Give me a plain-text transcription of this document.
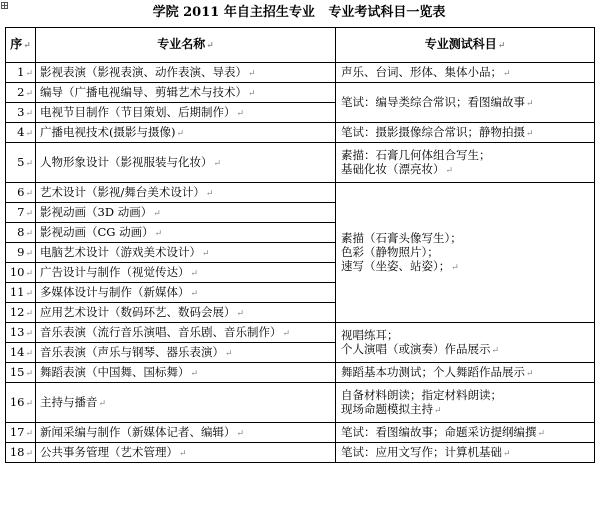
学院 2011 年自主招生专业   专业考试科目一览表
序↵	专业名称↵	专业测试科目↵
1↵	影视表演（影视表演、动作表演、导表）↵	声乐、台词、形体、集体小品；↵
2↵	编导（广播电视编导、剪辑艺术与技术）↵	笔试：编导类综合常识；看图编故事↵
3↵	电视节目制作（节目策划、后期制作）↵	
4↵	广播电视技术(摄影与摄像)↵	笔试：摄影摄像综合常识；静物拍摄↵
5↵	人物形象设计（影视服装与化妆）↵	素描：石膏几何体组合写生；
基础化妆（漂亮妆）↵

6↵	艺术设计（影视/舞台美术设计）↵	素描（石膏头像写生）；
色彩（静物照片）；
速写（坐姿、站姿）；↵

7↵	影视动画（3D 动画）↵	
8↵	影视动画（CG 动画）↵	
9↵	电脑艺术设计（游戏美术设计）↵	
10↵	广告设计与制作（视觉传达）↵	
11↵	多媒体设计与制作（新媒体）↵	
12↵	应用艺术设计（数码环艺、数码会展）↵	
13↵	音乐表演（流行音乐演唱、音乐剧、音乐制作）↵	视唱练耳；
个人演唱（或演奏）作品展示↵

14↵	音乐表演（声乐与钢琴、器乐表演）↵	
15↵	舞蹈表演（中国舞、国标舞）↵	舞蹈基本功测试；个人舞蹈作品展示↵
16↵	主持与播音↵	自备材料朗读；指定材料朗读；
现场命题模拟主持↵

17↵	新闻采编与制作（新媒体记者、编辑）↵	笔试：看图编故事；命题采访提纲编撰↵
18↵	公共事务管理（艺术管理）↵	笔试：应用文写作；计算机基础↵
